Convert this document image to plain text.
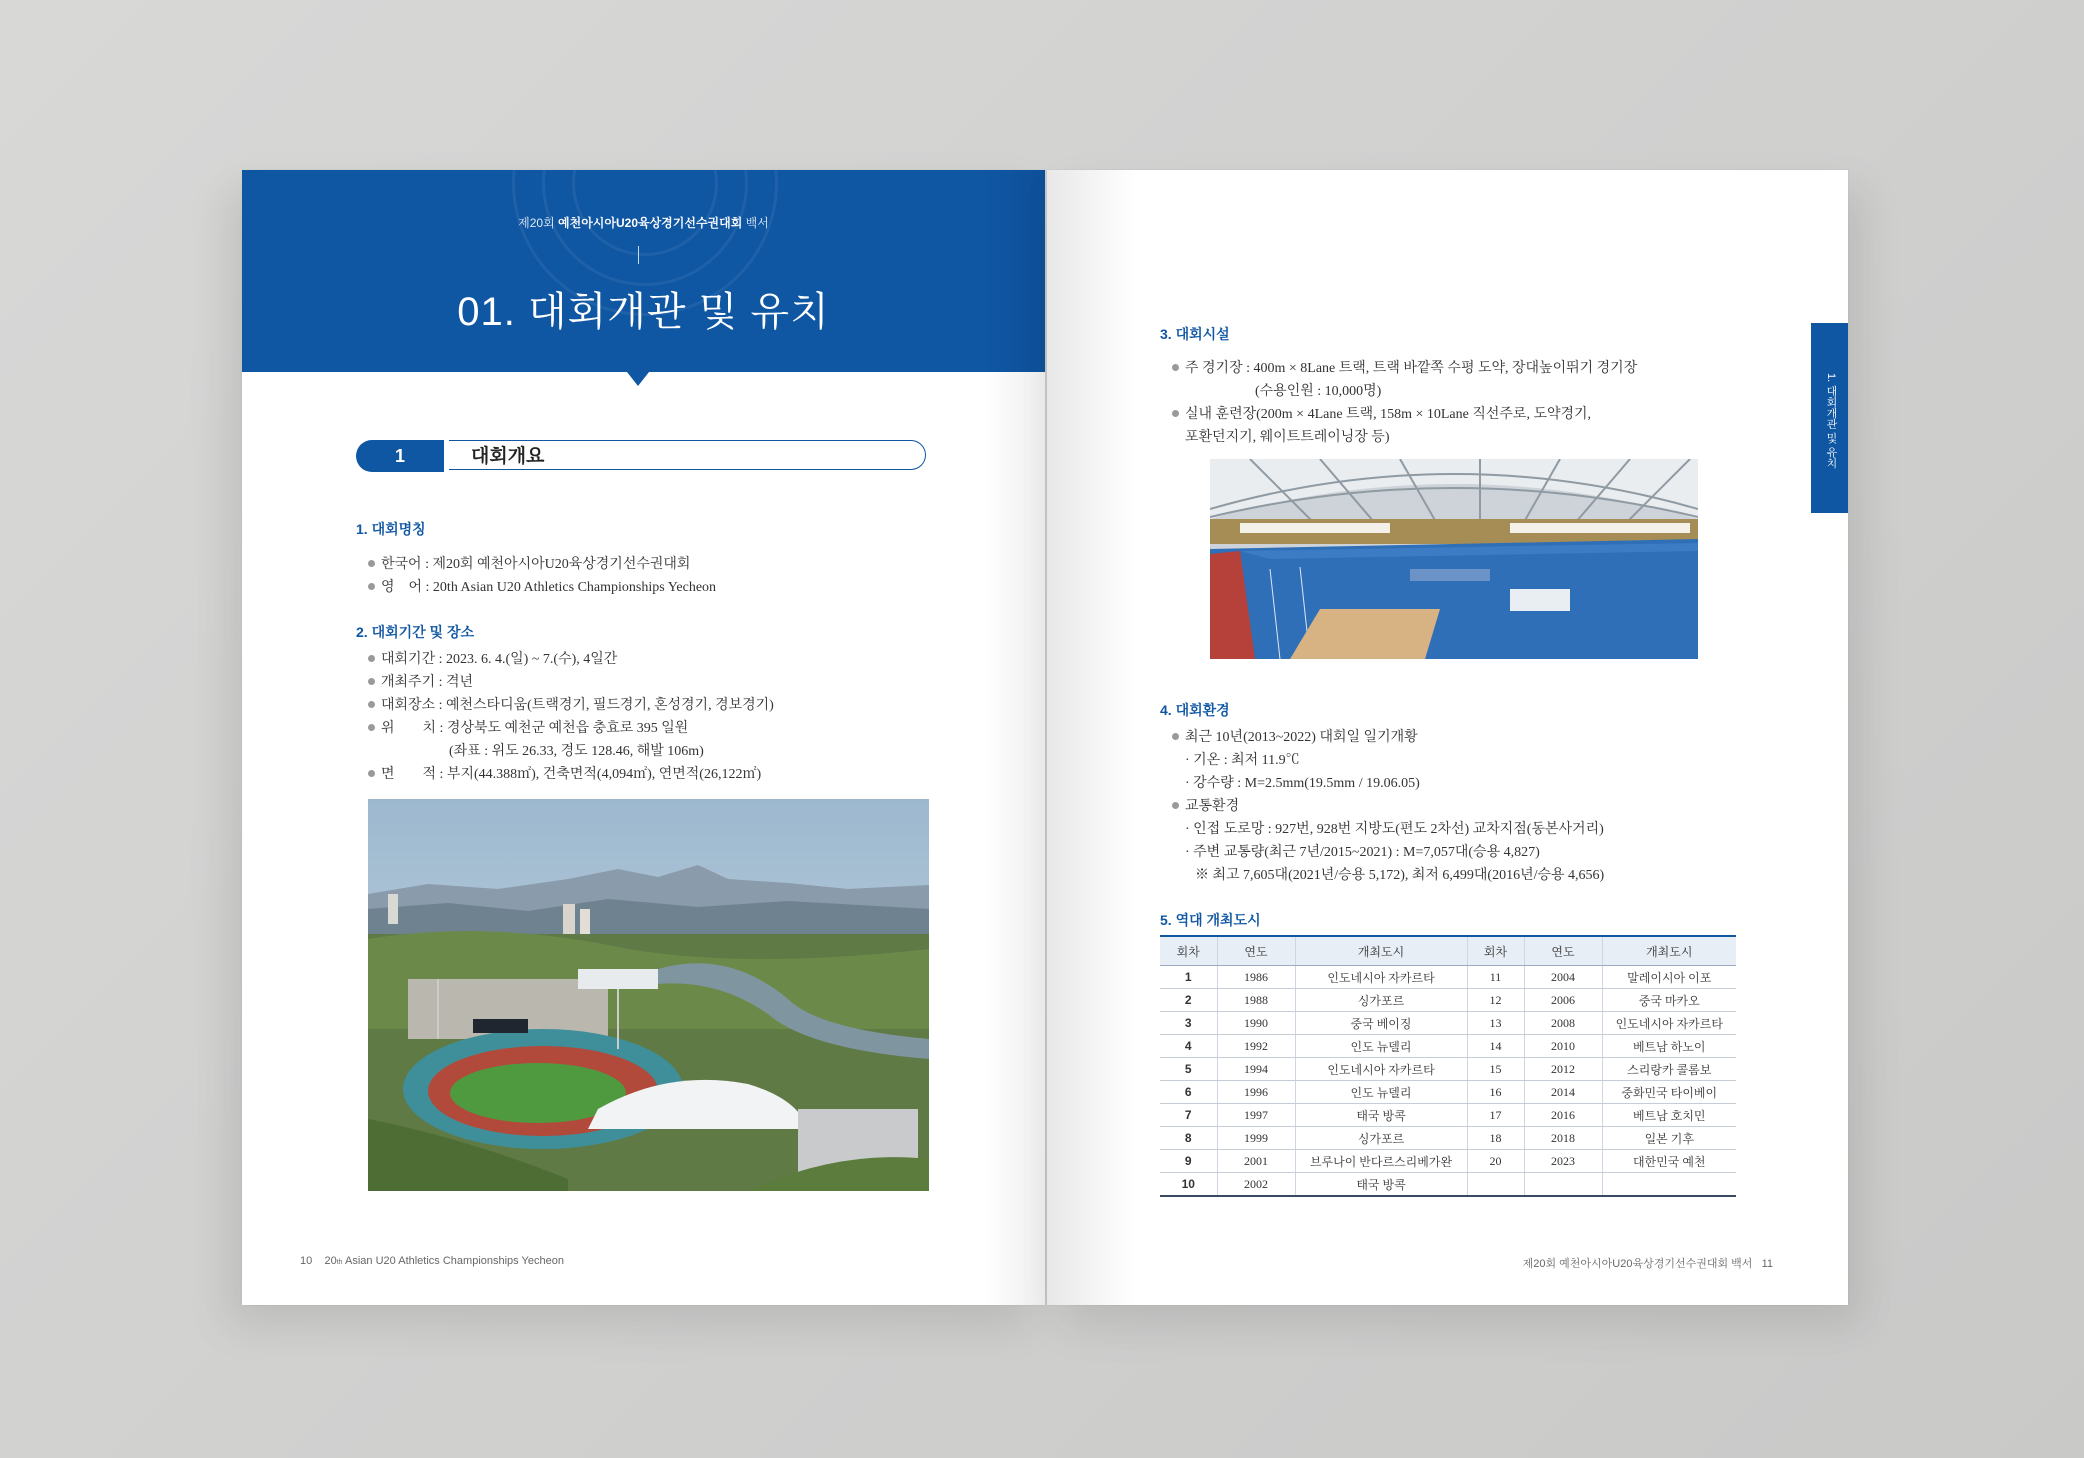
제20회 예천아시아U20육상경기선수권대회 백서
01. 대회개관 및 유치
1	대회개요
1. 대회명칭
한국어 : 제20회 예천아시아U20육상경기선수권대회
영　어 : 20th Asian U20 Athletics Championships Yecheon
2. 대회기간 및 장소
대회기간 : 2023. 6. 4.(일) ~ 7.(수), 4일간
개최주기 : 격년
대회장소 : 예천스타디움(트랙경기, 필드경기, 혼성경기, 경보경기)
위　　치 : 경상북도 예천군 예천읍 충효로 395 일원
(좌표 : 위도 26.33, 경도 128.46, 해발 106m)
면　　적 : 부지(44.388㎡), 건축면적(4,094㎡), 연면적(26,122㎡)
10 20th Asian U20 Athletics Championships Yecheon
3. 대회시설
주 경기장 : 400m × 8Lane 트랙, 트랙 바깥쪽 수평 도약, 장대높이뛰기 경기장
(수용인원 : 10,000명)
실내 훈련장(200m × 4Lane 트랙, 158m × 10Lane 직선주로, 도약경기,
포환던지기, 웨이트트레이닝장 등)
4. 대회환경
최근 10년(2013~2022) 대회일 일기개황
· 기온 : 최저 11.9℃
· 강수량 : M=2.5mm(19.5mm / 19.06.05)
교통환경
· 인접 도로망 : 927번, 928번 지방도(편도 2차선) 교차지점(동본사거리)
· 주변 교통량(최근 7년/2015~2021) : M=7,057대(승용 4,827)
※ 최고 7,605대(2021년/승용 5,172), 최저 6,499대(2016년/승용 4,656)
5. 역대 개최도시
회차	연도	개최도시	회차	연도	개최도시
1	1986	인도네시아 자카르타	11	2004	말레이시아 이포
2	1988	싱가포르	12	2006	중국 마카오
3	1990	중국 베이징	13	2008	인도네시아 자카르타
4	1992	인도 뉴델리	14	2010	베트남 하노이
5	1994	인도네시아 자카르타	15	2012	스리랑카 콜롬보
6	1996	인도 뉴델리	16	2014	중화민국 타이베이
7	1997	태국 방콕	17	2016	베트남 호치민
8	1999	싱가포르	18	2018	일본 기후
9	2001	브루나이 반다르스리베가완	20	2023	대한민국 예천
10	2002	태국 방콕			
제20회 예천아시아U20육상경기선수권대회 백서 11
1. 대회개관 및 유치
